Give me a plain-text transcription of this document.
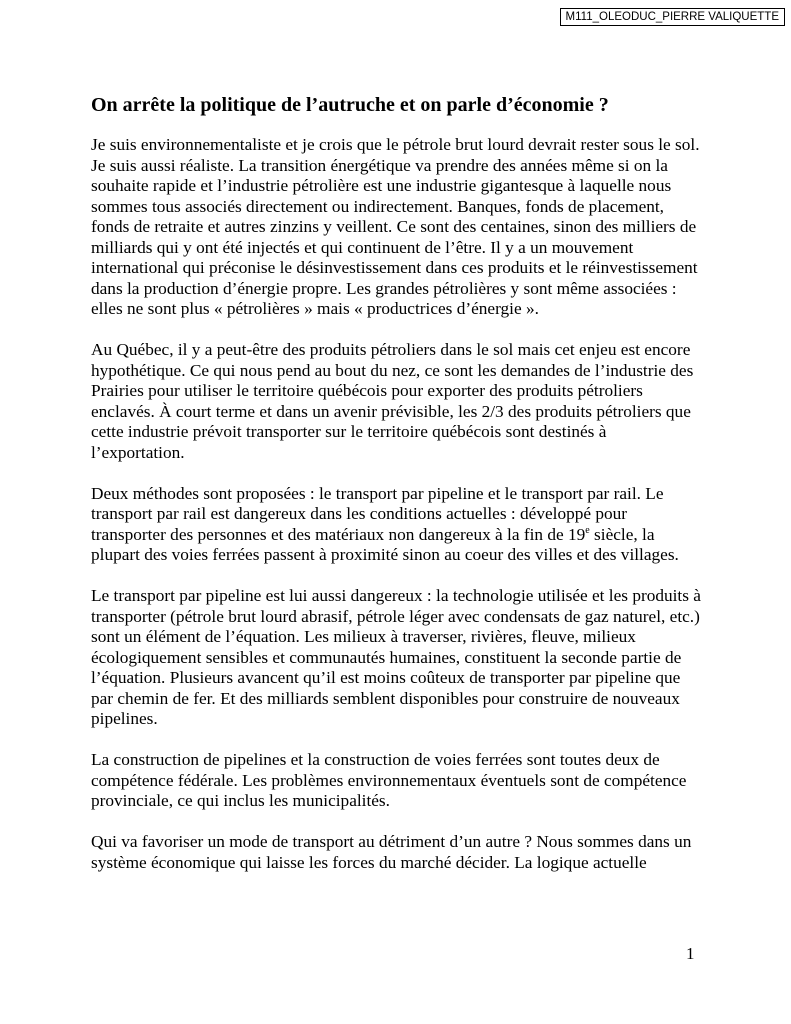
M111_OLEODUC_PIERRE VALIQUETTE
On arrête la politique de l’autruche et on parle d’économie ?

Je suis environnementaliste et je crois que le pétrole brut lourd devrait rester sous le sol. Je suis aussi réaliste. La transition énergétique va prendre des années même si on la souhaite rapide et l’industrie pétrolière est une industrie gigantesque à laquelle nous sommes tous associés directement ou indirectement. Banques, fonds de placement, fonds de retraite et autres zinzins y veillent. Ce sont des centaines, sinon des milliers de milliards qui y ont été injectés et qui continuent de l’être. Il y a un mouvement international qui préconise le désinvestissement dans ces produits et le réinvestissement dans la production d’énergie propre. Les grandes pétrolières y sont même associées : elles ne sont plus « pétrolières » mais « productrices d’énergie ».

Au Québec, il y a peut-être des produits pétroliers dans le sol mais cet enjeu est encore hypothétique. Ce qui nous pend au bout du nez, ce sont les demandes de l’industrie des Prairies pour utiliser le territoire québécois pour exporter des produits pétroliers enclavés. À court terme et dans un avenir prévisible, les 2/3 des produits pétroliers que cette industrie prévoit transporter sur le territoire québécois sont destinés à l’exportation.

Deux méthodes sont proposées : le transport par pipeline et le transport par rail. Le transport par rail est dangereux dans les conditions actuelles : développé pour transporter des personnes et des matériaux non dangereux à la fin de 19e siècle, la plupart des voies ferrées passent à proximité sinon au coeur des villes et des villages.

Le transport par pipeline est lui aussi dangereux : la technologie utilisée et les produits à transporter (pétrole brut lourd abrasif, pétrole léger avec condensats de gaz naturel, etc.) sont un élément de l’équation. Les milieux à traverser, rivières, fleuve, milieux écologiquement sensibles et communautés humaines, constituent la seconde partie de l’équation. Plusieurs avancent qu’il est moins coûteux de transporter par pipeline que par chemin de fer. Et des milliards semblent disponibles pour construire de nouveaux pipelines.

La construction de pipelines et la construction de voies ferrées sont toutes deux de compétence fédérale. Les problèmes environnementaux éventuels sont de compétence provinciale, ce qui inclus les municipalités.

Qui va favoriser un mode de transport au détriment d’un autre ? Nous sommes dans un système économique qui laisse les forces du marché décider. La logique actuelle

1
